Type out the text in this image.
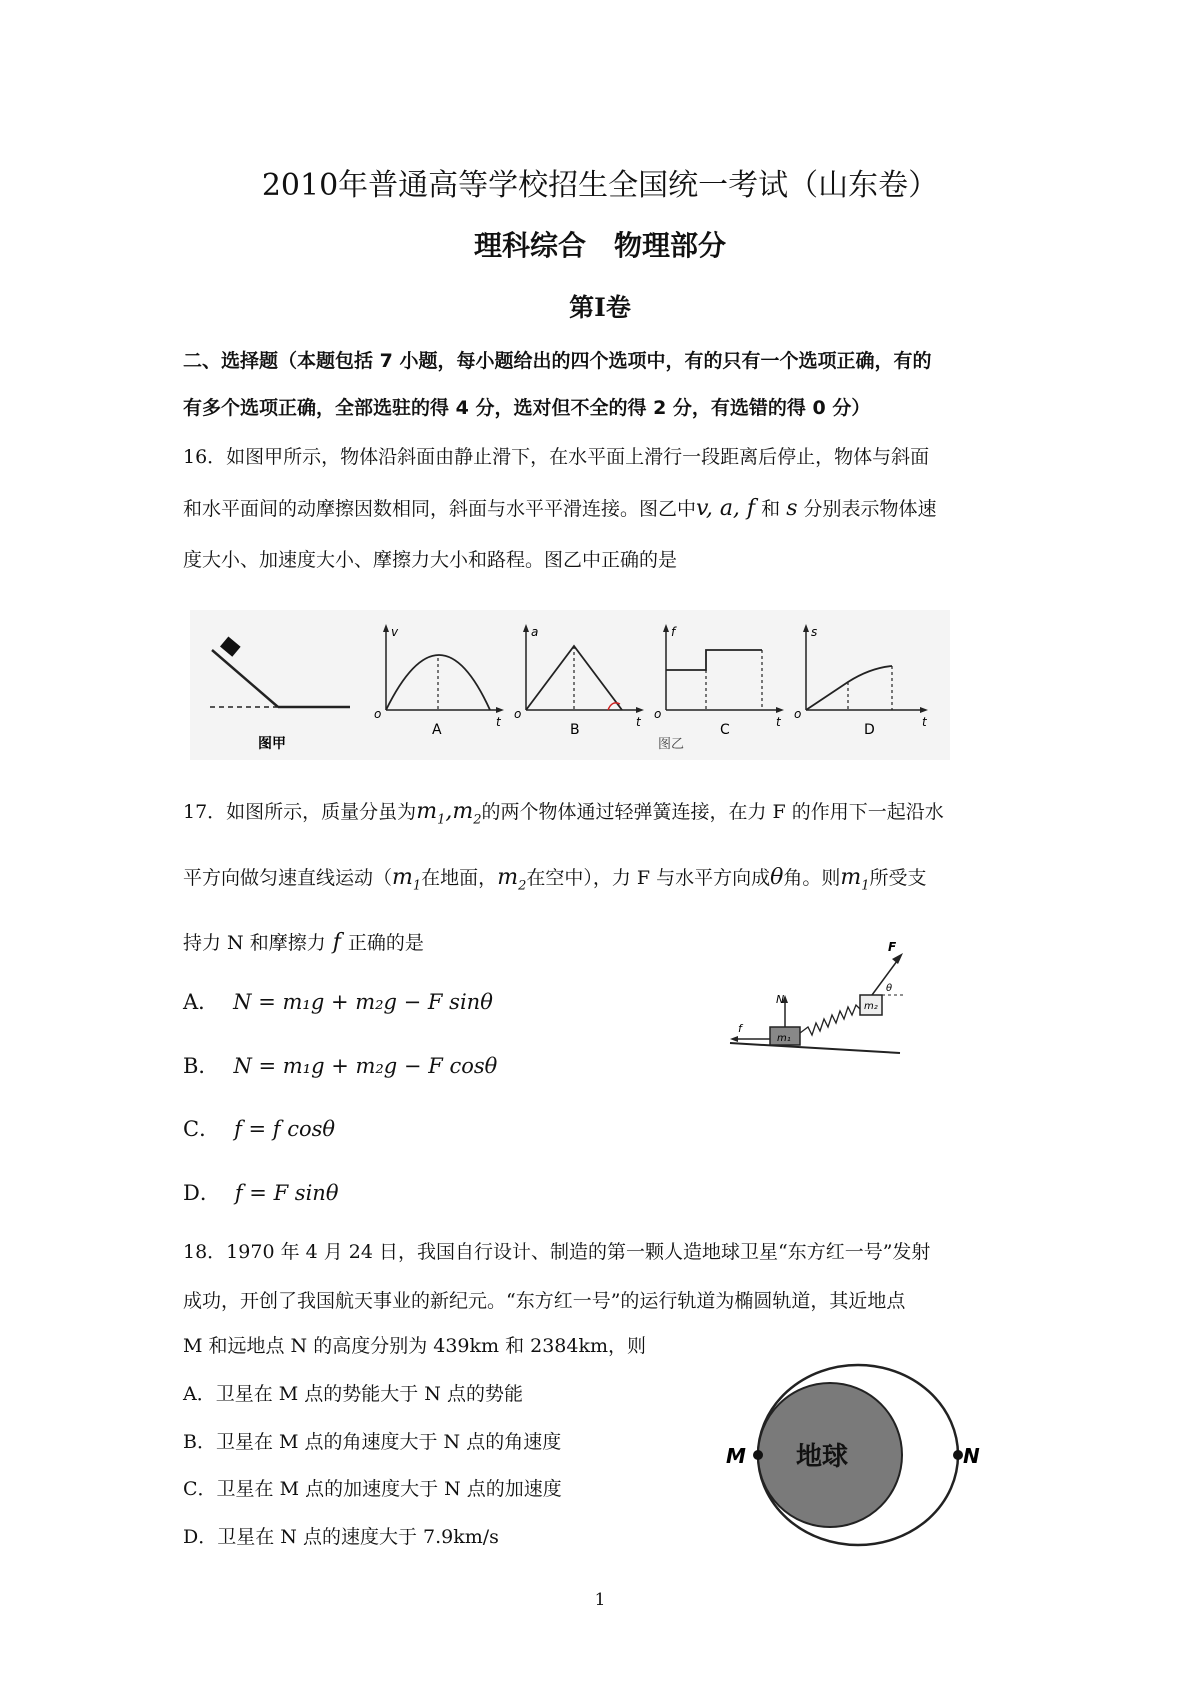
2010年普通高等学校招生全国统一考试（山东卷）
理科综合　物理部分
第Ⅰ卷
二、选择题（本题包括 7 小题，每小题给出的四个选项中，有的只有一个选项正确，有的
有多个选项正确，全部选驻的得 4 分，选对但不全的得 2 分，有选错的得 0 分）
16．如图甲所示，物体沿斜面由静止滑下，在水平面上滑行一段距离后停止，物体与斜面
和水平面间的动摩擦因数相同，斜面与水平平滑连接。图乙中v, a, f 和 s 分别表示物体速
度大小、加速度大小、摩擦力大小和路程。图乙中正确的是
图甲
v
o
t
A
a
o
t
B
f
o
t
C
s
o
t
D
图乙
17．如图所示，质量分虽为$m_1,m_2$的两个物体通过轻弹簧连接，在力 F 的作用下一起沿水
平方向做匀速直线运动（$m_1$在地面，$m_2$在空中），力 F 与水平方向成θ角。则$m_1$所受支
持力 N 和摩擦力 f 正确的是
A． N = m₁g + m₂g − F sinθ
B． N = m₁g + m₂g − F cosθ
C． f = f cosθ
D． f = F sinθ
m₁
m₂
F
θ
N
f
18．1970 年 4 月 24 日，我国自行设计、制造的第一颗人造地球卫星“东方红一号”发射
成功，开创了我国航天事业的新纪元。“东方红一号”的运行轨道为椭圆轨道，其近地点
M 和远地点 N 的高度分别为 439km 和 2384km，则
A．卫星在 M 点的势能大于 N 点的势能
B．卫星在 M 点的角速度大于 N 点的角速度
C．卫星在 M 点的加速度大于 N 点的加速度
D．卫星在 N 点的速度大于 7.9km/s
地球
M	N
1
